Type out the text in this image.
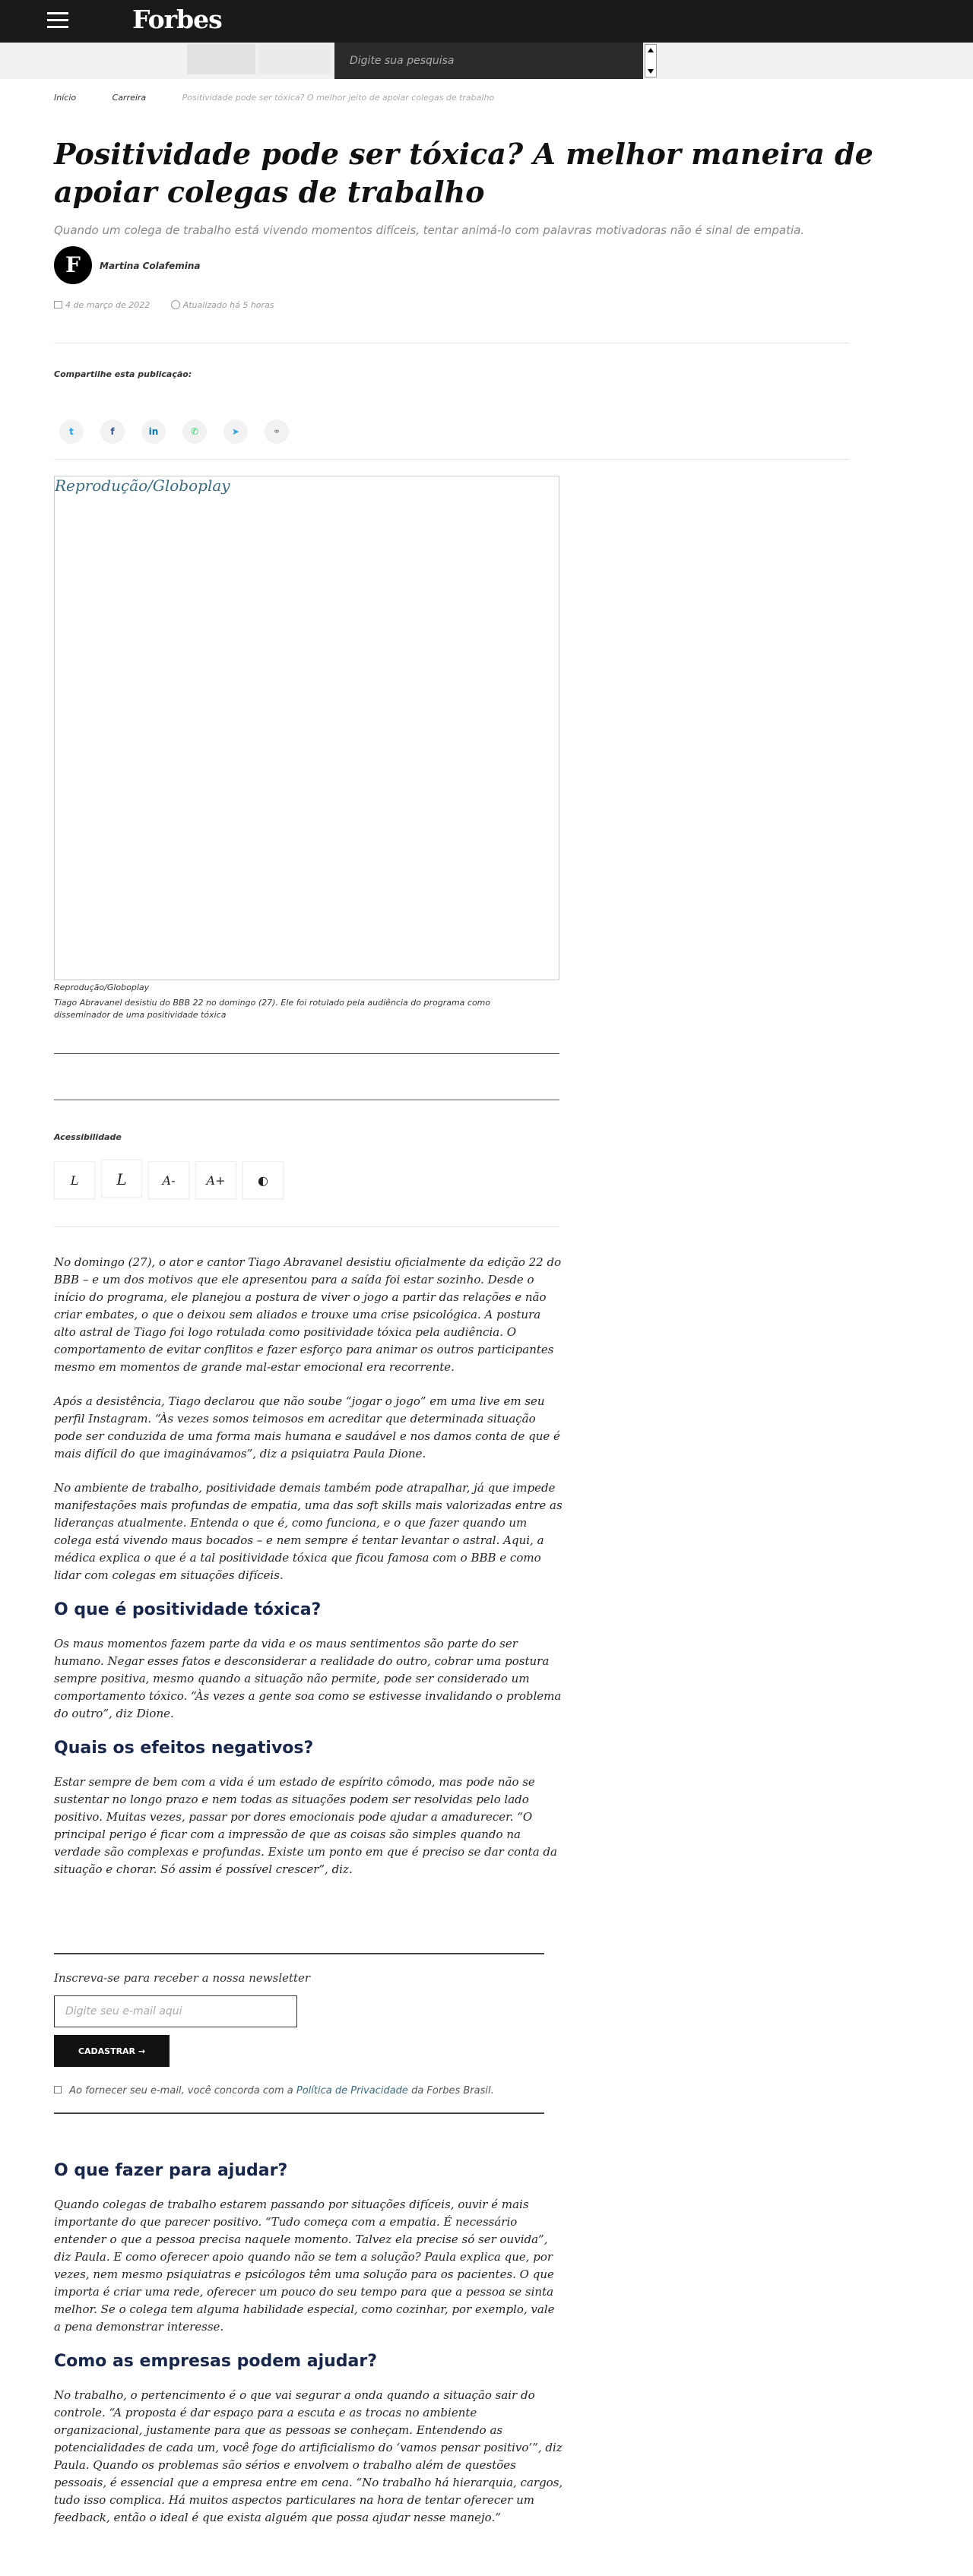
Forbes
Digite sua pesquisa
Início	Carreira	Positividade pode ser tóxica? O melhor jeito de apoiar colegas de trabalho
Positividade pode ser tóxica? A melhor maneira de apoiar colegas de trabalho
Quando um colega de trabalho está vivendo momentos difíceis, tentar animá-lo com palavras motivadoras não é sinal de empatia.
F	Martina Colafemina
4 de março de 2022	Atualizado há 5 horas
Compartilhe esta publicação:
t	f	in	✆	➤	⚭
Reprodução/Globoplay
Reprodução/Globoplay
Tiago Abravanel desistiu do BBB 22 no domingo (27). Ele foi rotulado pela audiência do programa como disseminador de uma positividade tóxica
Acessibilidade
L	L	A-	A+	◐

No domingo (27), o ator e cantor Tiago Abravanel desistiu oficialmente da edição 22 do BBB – e um dos motivos que ele apresentou para a saída foi estar sozinho. Desde o início do programa, ele planejou a postura de viver o jogo a partir das relações e não criar embates, o que o deixou sem aliados e trouxe uma crise psicológica. A postura alto astral de Tiago foi logo rotulada como positividade tóxica pela audiência. O comportamento de evitar conflitos e fazer esforço para animar os outros participantes mesmo em momentos de grande mal-estar emocional era recorrente.

Após a desistência, Tiago declarou que não soube “jogar o jogo” em uma live em seu perfil Instagram. “Às vezes somos teimosos em acreditar que determinada situação pode ser conduzida de uma forma mais humana e saudável e nos damos conta de que é mais difícil do que imaginávamos”, diz a psiquiatra Paula Dione.

No ambiente de trabalho, positividade demais também pode atrapalhar, já que impede manifestações mais profundas de empatia, uma das soft skills mais valorizadas entre as lideranças atualmente. Entenda o que é, como funciona, e o que fazer quando um colega está vivendo maus bocados – e nem sempre é tentar levantar o astral. Aqui, a médica explica o que é a tal positividade tóxica que ficou famosa com o BBB e como lidar com colegas em situações difíceis.

O que é positividade tóxica?

Os maus momentos fazem parte da vida e os maus sentimentos são parte do ser humano. Negar esses fatos e desconsiderar a realidade do outro, cobrar uma postura sempre positiva, mesmo quando a situação não permite, pode ser considerado um comportamento tóxico. “Às vezes a gente soa como se estivesse invalidando o problema do outro”, diz Dione.

Quais os efeitos negativos?

Estar sempre de bem com a vida é um estado de espírito cômodo, mas pode não se sustentar no longo prazo e nem todas as situações podem ser resolvidas pelo lado positivo. Muitas vezes, passar por dores emocionais pode ajudar a amadurecer. “O principal perigo é ficar com a impressão de que as coisas são simples quando na verdade são complexas e profundas. Existe um ponto em que é preciso se dar conta da situação e chorar. Só assim é possível crescer”, diz.

Inscreva-se para receber a nossa newsletter
Digite seu e-mail aqui
CADASTRAR →
Ao fornecer seu e-mail, você concorda com a Política de Privacidade da Forbes Brasil.
O que fazer para ajudar?

Quando colegas de trabalho estarem passando por situações difíceis, ouvir é mais importante do que parecer positivo. “Tudo começa com a empatia. É necessário entender o que a pessoa precisa naquele momento. Talvez ela precise só ser ouvida”, diz Paula. E como oferecer apoio quando não se tem a solução? Paula explica que, por vezes, nem mesmo psiquiatras e psicólogos têm uma solução para os pacientes. O que importa é criar uma rede, oferecer um pouco do seu tempo para que a pessoa se sinta melhor. Se o colega tem alguma habilidade especial, como cozinhar, por exemplo, vale a pena demonstrar interesse.

Como as empresas podem ajudar?

No trabalho, o pertencimento é o que vai segurar a onda quando a situação sair do controle. “A proposta é dar espaço para a escuta e as trocas no ambiente organizacional, justamente para que as pessoas se conheçam. Entendendo as potencialidades de cada um, você foge do artificialismo do ‘vamos pensar positivo’”, diz Paula. Quando os problemas são sérios e envolvem o trabalho além de questões pessoais, é essencial que a empresa entre em cena. “No trabalho há hierarquia, cargos, tudo isso complica. Há muitos aspectos particulares na hora de tentar oferecer um feedback, então o ideal é que exista alguém que possa ajudar nesse manejo.”
